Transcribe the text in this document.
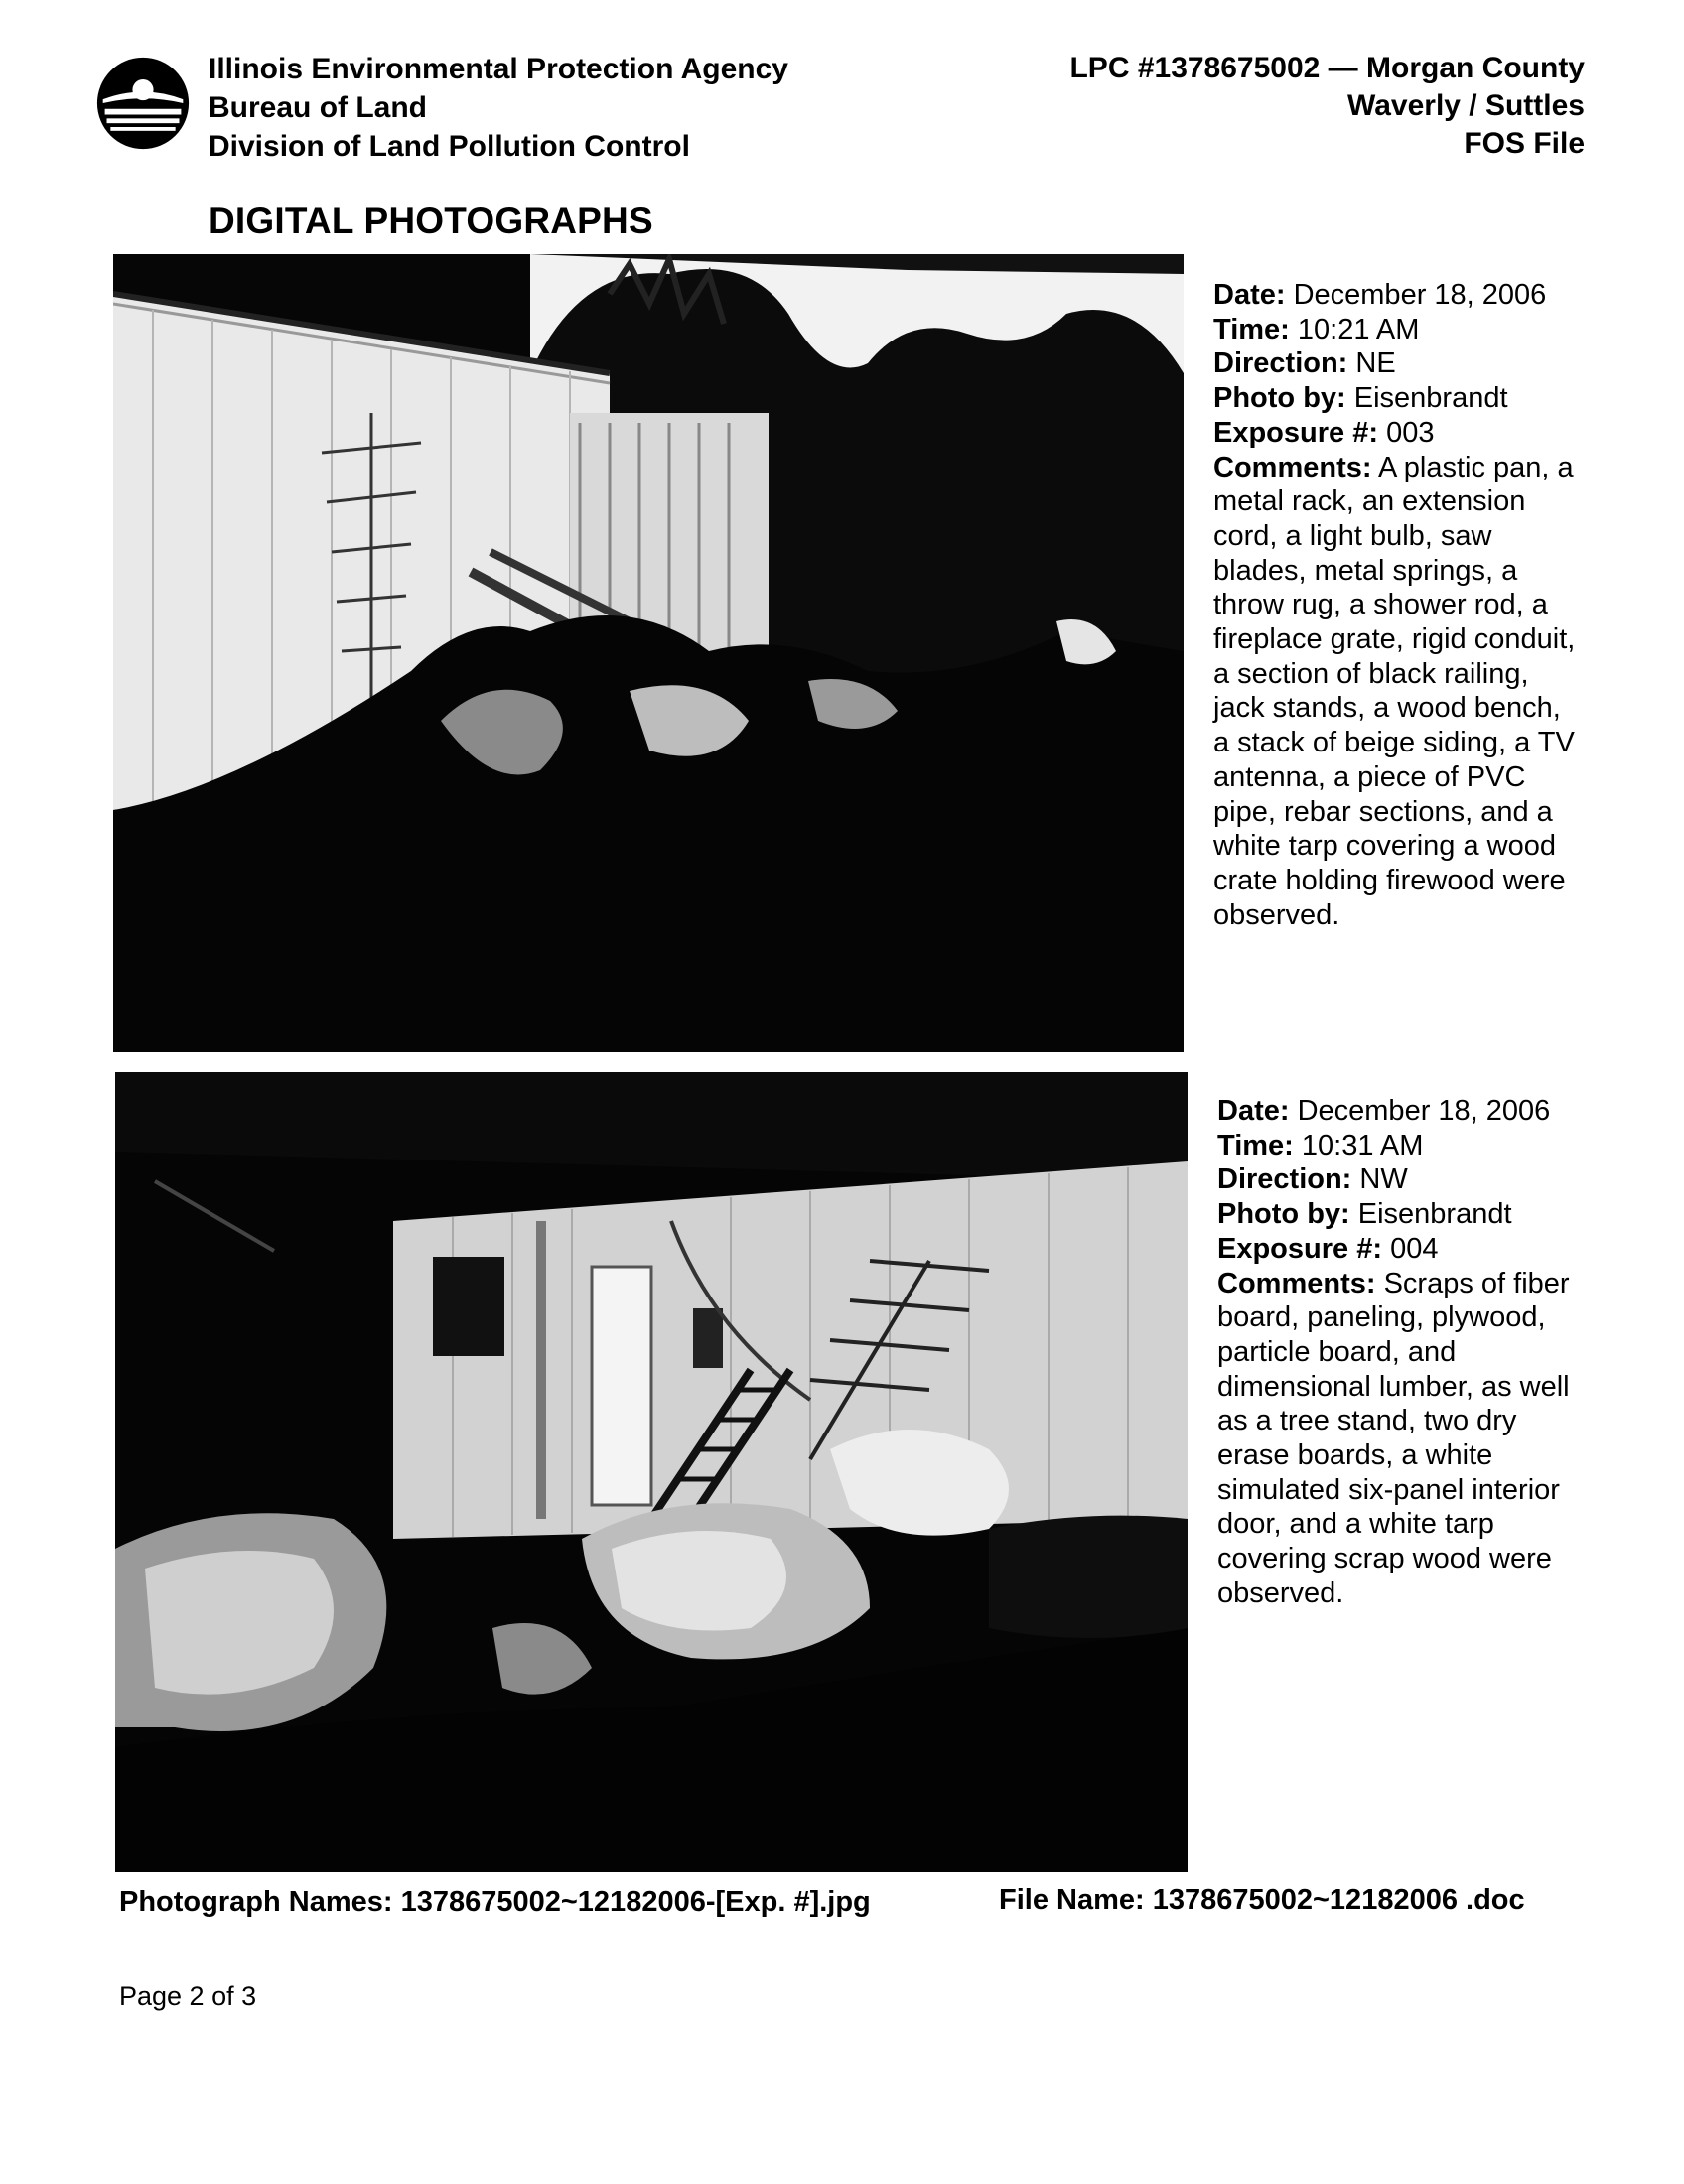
Illinois Environmental Protection Agency
Bureau of Land
Division of Land Pollution Control
LPC #1378675002 — Morgan County
Waverly / Suttles
FOS File
DIGITAL PHOTOGRAPHS
Date: December 18, 2006
Time: 10:21 AM
Direction: NE
Photo by: Eisenbrandt
Exposure #: 003
Comments: A plastic pan, a metal rack, an extension cord, a light bulb, saw blades, metal springs, a throw rug, a shower rod, a fireplace grate, rigid conduit, a section of black railing, jack stands, a wood bench, a stack of beige siding, a TV antenna, a piece of PVC pipe, rebar sections, and a white tarp covering a wood crate holding firewood were observed.
Date: December 18, 2006
Time: 10:31 AM
Direction: NW
Photo by: Eisenbrandt
Exposure #: 004
Comments: Scraps of fiber board, paneling, plywood, particle board, and dimensional lumber, as well as a tree stand, two dry erase boards, a white simulated six-panel interior door, and a white tarp covering scrap wood were observed.
Photograph Names: 1378675002~12182006-[Exp. #].jpg	File Name: 1378675002~12182006 .doc
Page 2 of 3
